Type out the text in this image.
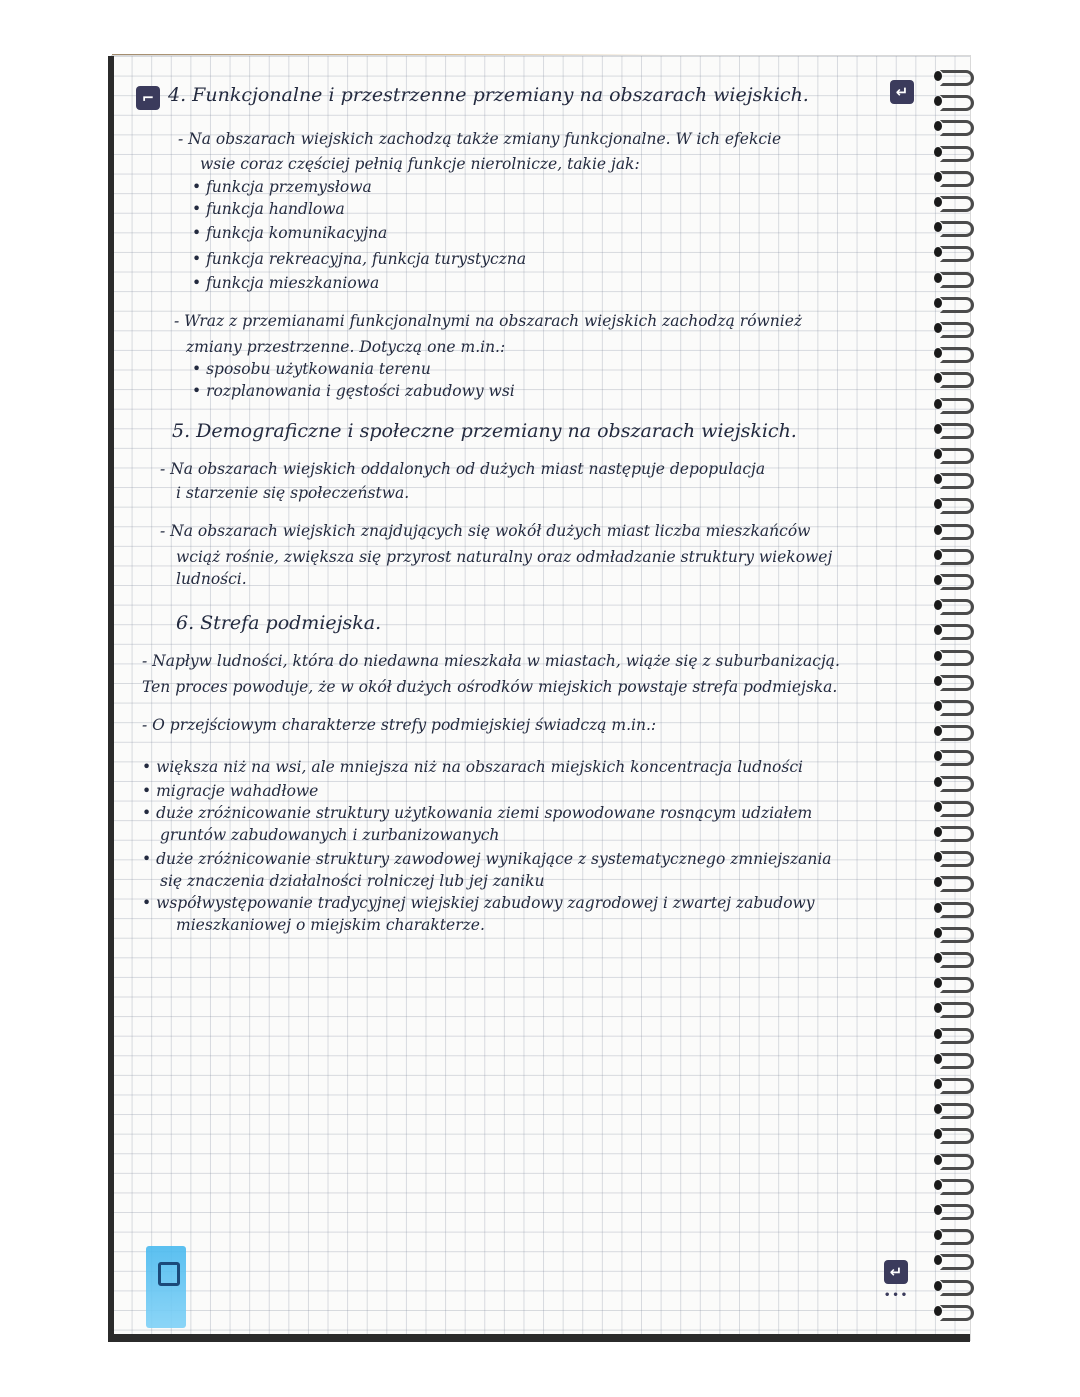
⌐	↵
↵
•••
4. Funkcjonalne i przestrzenne przemiany na obszarach wiejskich.
- Na obszarach wiejskich zachodzą także zmiany funkcjonalne. W ich efekcie
wsie coraz częściej pełnią funkcje nierolnicze, takie jak:
• funkcja przemysłowa
• funkcja handlowa
• funkcja komunikacyjna
• funkcja rekreacyjna, funkcja turystyczna
• funkcja mieszkaniowa
- Wraz z przemianami funkcjonalnymi na obszarach wiejskich zachodzą również
zmiany przestrzenne. Dotyczą one m.in.:
• sposobu użytkowania terenu
• rozplanowania i gęstości zabudowy wsi
5. Demograficzne i społeczne przemiany na obszarach wiejskich.
- Na obszarach wiejskich oddalonych od dużych miast następuje depopulacja
i starzenie się społeczeństwa.
- Na obszarach wiejskich znajdujących się wokół dużych miast liczba mieszkańców
wciąż rośnie, zwiększa się przyrost naturalny oraz odmładzanie struktury wiekowej
ludności.
6. Strefa podmiejska.
- Napływ ludności, która do niedawna mieszkała w miastach, wiąże się z suburbanizacją.
Ten proces powoduje, że w okół dużych ośrodków miejskich powstaje strefa podmiejska.
- O przejściowym charakterze strefy podmiejskiej świadczą m.in.:
• większa niż na wsi, ale mniejsza niż na obszarach miejskich koncentracja ludności
• migracje wahadłowe
• duże zróżnicowanie struktury użytkowania ziemi spowodowane rosnącym udziałem
gruntów zabudowanych i zurbanizowanych
• duże zróżnicowanie struktury zawodowej wynikające z systematycznego zmniejszania
się znaczenia działalności rolniczej lub jej zaniku
• współwystępowanie tradycyjnej wiejskiej zabudowy zagrodowej i zwartej zabudowy
mieszkaniowej o miejskim charakterze.
